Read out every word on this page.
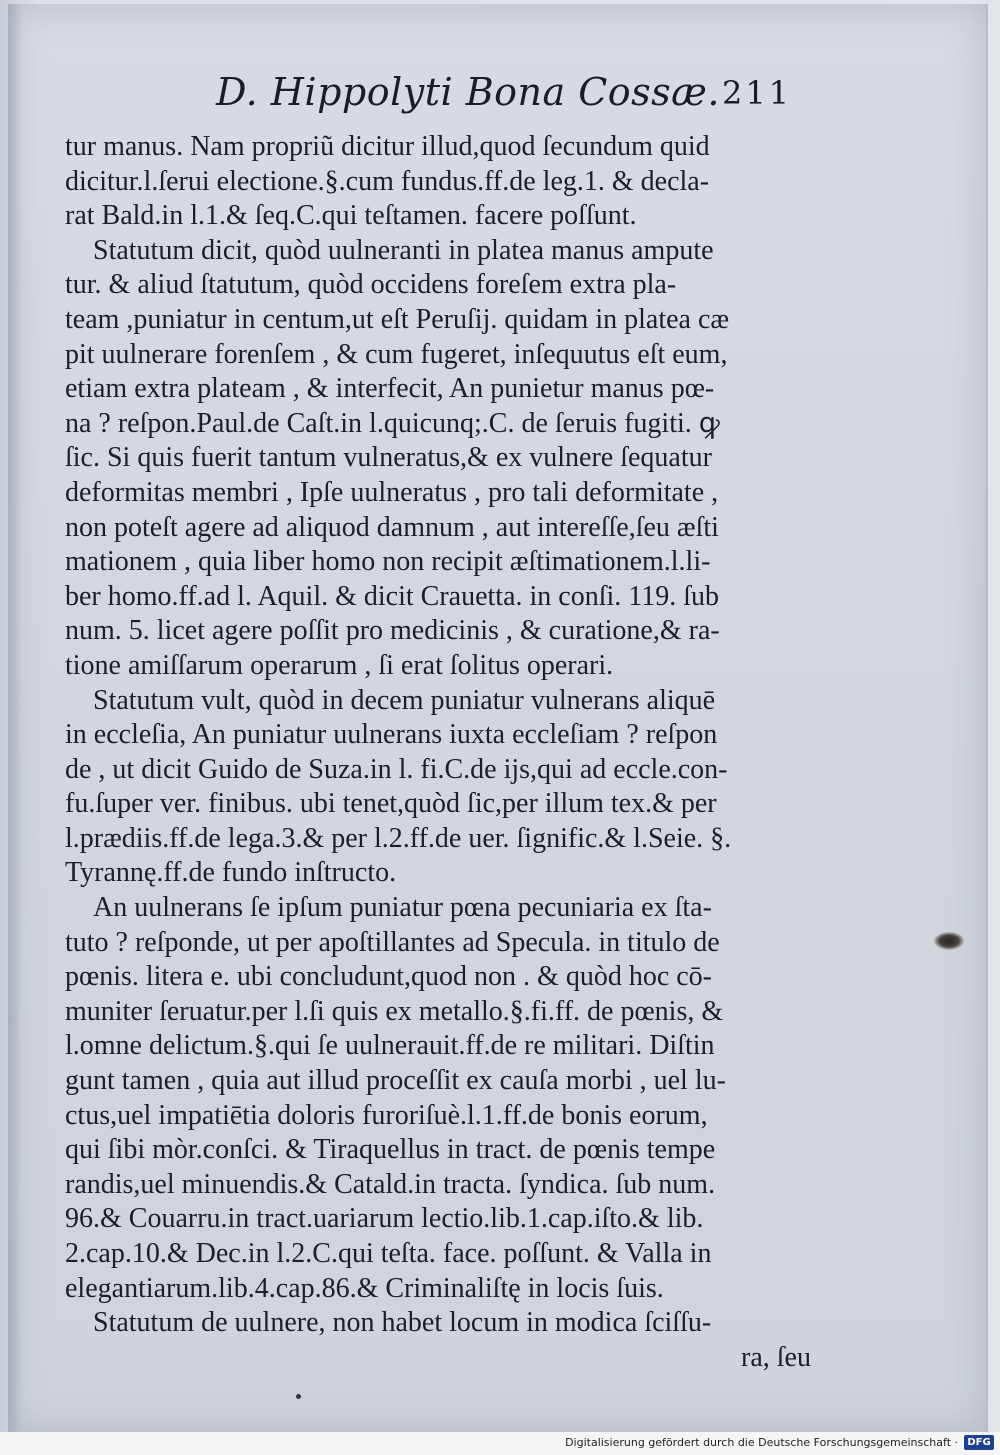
D. Hippolyti Bona Cossæ. 211
tur manus. Nam propriũ dicitur illud,quod ſecundum quid
dicitur.l.ſerui electione.§.cum fundus.ff.de leg.1. & decla-
rat Bald.in l.1.& ſeq.C.qui teſtamen. facere poſſunt.
Statutum dicit, quòd uulneranti in platea manus ampute
tur. & aliud ſtatutum, quòd occidens foreſem extra pla-
team ,puniatur in centum,ut eſt Peruſij. quidam in platea cæ
pit uulnerare forenſem , & cum fugeret, inſequutus eſt eum,
etiam extra plateam , & interfecit, An punietur manus pœ-
na ? reſpon.Paul.de Caſt.in l.quicunq;.C. de ſeruis fugiti. ꝙ
ſic. Si quis fuerit tantum vulneratus,& ex vulnere ſequatur
deformitas membri , Ipſe uulneratus , pro tali deformitate ,
non poteſt agere ad aliquod damnum , aut intereſſe,ſeu æſti
mationem , quia liber homo non recipit æſtimationem.l.li-
ber homo.ff.ad l. Aquil. & dicit Crauetta. in conſi. 119. ſub
num. 5. licet agere poſſit pro medicinis , & curatione,& ra-
tione amiſſarum operarum , ſi erat ſolitus operari.
Statutum vult, quòd in decem puniatur vulnerans aliquē
in eccleſia, An puniatur uulnerans iuxta eccleſiam ? reſpon
de , ut dicit Guido de Suza.in l. fi.C.de ijs,qui ad eccle.con-
fu.ſuper ver. finibus. ubi tenet,quòd ſic,per illum tex.& per
l.prædiis.ff.de lega.3.& per l.2.ff.de uer. ſignific.& l.Seie. §.
Tyrannę.ff.de fundo inſtructo.
An uulnerans ſe ipſum puniatur pœna pecuniaria ex ſta-
tuto ? reſponde, ut per apoſtillantes ad Specula. in titulo de
pœnis. litera e. ubi concludunt,quod non . & quòd hoc cō-
muniter ſeruatur.per l.ſi quis ex metallo.§.fi.ff. de pœnis, &
l.omne delictum.§.qui ſe uulnerauit.ff.de re militari. Diſtin
gunt tamen , quia aut illud proceſſit ex cauſa morbi , uel lu-
ctus,uel impatiētia doloris furoriſuè.l.1.ff.de bonis eorum,
qui ſibi mòr.conſci. & Tiraquellus in tract. de pœnis tempe
randis,uel minuendis.& Catald.in tracta. ſyndica. ſub num.
96.& Couarru.in tract.uariarum lectio.lib.1.cap.iſto.& lib.
2.cap.10.& Dec.in l.2.C.qui teſta. face. poſſunt. & Valla in
elegantiarum.lib.4.cap.86.& Criminaliſtę in locis ſuis.
Statutum de uulnere, non habet locum in modica ſciſſu-
ra, ſeu
Digitalisierung gefördert durch die Deutsche Forschungsgemeinschaft · DFG
